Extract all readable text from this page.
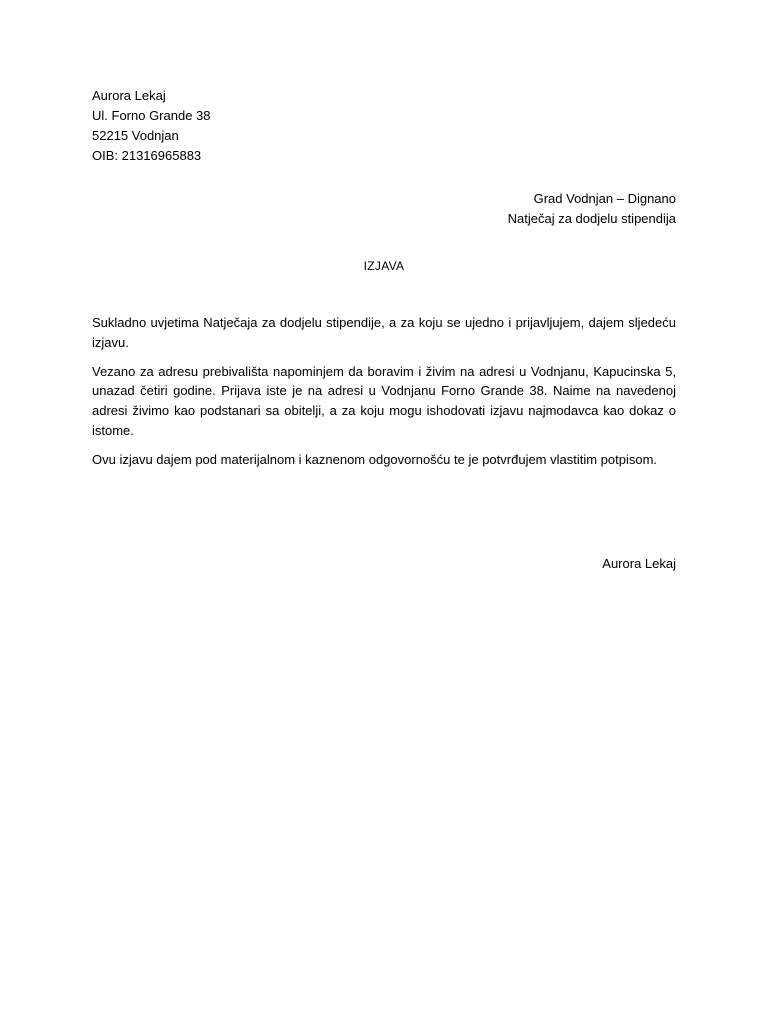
Aurora Lekaj
Ul. Forno Grande 38
52215 Vodnjan
OIB: 21316965883
Grad Vodnjan – Dignano
Natječaj za dodjelu stipendija
IZJAVA

Sukladno uvjetima Natječaja za dodjelu stipendije, a za koju se ujedno i prijavljujem, dajem sljedeću izjavu.

Vezano za adresu prebivališta napominjem da boravim i živim na adresi u Vodnjanu, Kapucinska 5, unazad četiri godine. Prijava iste je na adresi u Vodnjanu Forno Grande 38. Naime na navedenoj adresi živimo kao podstanari sa obitelji, a za koju mogu ishodovati izjavu najmodavca kao dokaz o istome.

Ovu izjavu dajem pod materijalnom i kaznenom odgovornošću te je potvrđujem vlastitim potpisom.

Aurora Lekaj
